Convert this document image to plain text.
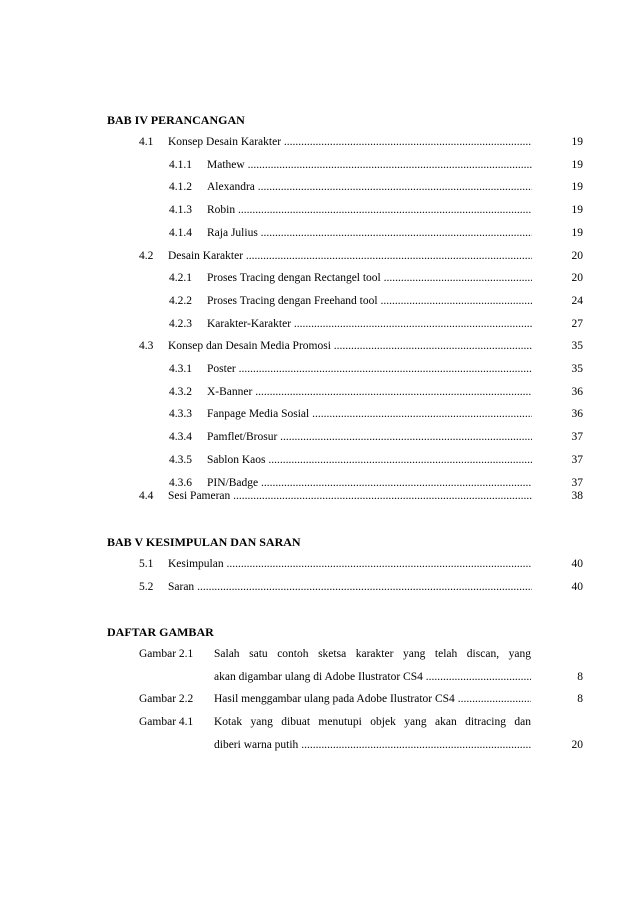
BAB IV PERANCANGAN
4.1 Konsep Desain Karakter .....	19
4.1.1 Mathew .....	19
4.1.2 Alexandra .....	19
4.1.3 Robin .....	19
4.1.4 Raja Julius .....	19
4.2 Desain Karakter .....	20
4.2.1 Proses Tracing dengan Rectangel tool .....	20
4.2.2 Proses Tracing dengan Freehand tool .....	24
4.2.3 Karakter-Karakter .....	27
4.3 Konsep dan Desain Media Promosi .....	35
4.3.1 Poster .....	35
4.3.2 X-Banner .....	36
4.3.3 Fanpage Media Sosial .....	36
4.3.4 Pamflet/Brosur .....	37
4.3.5 Sablon Kaos .....	37
4.3.6 PIN/Badge .....	37
4.4 Sesi Pameran .....	38
BAB V KESIMPULAN DAN SARAN
5.1 Kesimpulan .....	40
5.2 Saran .....	40
DAFTAR GAMBAR
Gambar 2.1 Salah satu contoh sketsa karakter yang telah discan, yang
akan digambar ulang di Adobe Ilustrator CS4 .....	8
Gambar 2.2 Hasil menggambar ulang pada Adobe Ilustrator CS4 .....	8
Gambar 4.1 Kotak yang dibuat menutupi objek yang akan ditracing dan
diberi warna putih .....	20
